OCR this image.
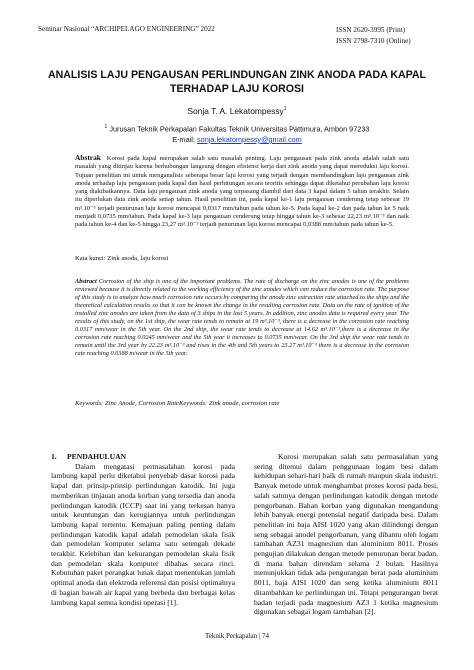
Seminar Nasional “ARCHIPELAGO ENGINEERING” 2022	ISSN 2620-3995 (Print)
ISSN 2798-7310 (Online)
ANALISIS LAJU PENGAUSAN PERLINDUNGAN ZINK ANODA PADA KAPAL
TERHADAP LAJU KOROSI
Sonja T. A. Lekatompessy$^1$
$^1$ Jurusan Teknik Perkapalan Fakultas Teknik Universitas Pattimura, Ambon 97233
E-mail: sonja.lekatompessy@gmail.com
Abstrak Korosi pada kapal merupakan salah satu masalah penting. Laju pengausan pada zink anoda adalah salah satu masalah yang ditinjau karena berhubungan langsung dengan efisiensi kerja dari zink anoda yang dapat mereduksi laju korosi. Tujuan penelitian ini untuk menganalisis seberapa besar laju korosi yang terjadi dengan membandingkan laju pengausan zink anoda terhadap laju pengausan pada kapal dan hasil perhitungan secara teoritis sehingga dapat diketahui perubahan laju korosi yang diakibatkannya. Data laju pengausan zink anoda yang terpasang diambil dari data 3 kapal dalam 5 tahun terakhir. Selain itu diperlukan data zink anoda setiap tahun. Hasil penelitian ini, pada kapal ke-1 laju pengausan cenderung tetap sebesar 19 m³.10⁻³ terjadi penurunan laju korosi mencapai 0,0317 mm/tahun pada tahun ke-5. Pada kapal ke-2 dan pada tahun ke 5 naik menjadi 0,0735 mm/tahun. Pada kapal ke-3 laju pengausan cenderung tetap hingga tahun ke-3 sebesar 22,23 m³.10⁻³ dan naik pada tahun ke-4 dan ke-5 hingga 23,27 m³.10⁻³ terjadi penurunan laju korosi mencapai 0,0388 mm/tahun pada tahun ke-5.
Kata kunci: Zink anoda, laju korosi
Abstract Corrosion of the ship is one of the important problems. The rate of discharge on the zinc anodes is one of the problems reviewed because it is directly related to the working efficiency of the zinc anodes which can reduce the corrosion rate. The purpose of this study is to analyze how much corrosion rate occurs by comparing the anode zinc extraction rate attached to the ships and the theoretical calculation results so that it can be known the change in the resulting corrosion rate. Data on the rate of ignition of the installed zinc anodes are taken from the data of 3 ships in the last 5 years. In addition, zinc anodes data is required every year. The results of this study, on the 1st ship, the wear rate tends to remain at 19 m³.10⁻³, there is a decrease in the corrosion rate reaching 0.0317 mm/wear in the 5th year. On the 2nd ship, the wear rate tends to decrease at 14.62 m³.10⁻³,there is a decrease in the corrosion rate reaching 0.0245 mm/wear and the 5th year it increases to 0.0735 mm/wear. On the 3rd ship the wear rate tends to remain until the 3rd year by 22.23 m³.10⁻³ and rises in the 4th and 5th years to 23.27 m³.10⁻³ there is a decrease in the corrosion rate reaching 0.0388 m/wear in the 5th year.
Keywords: Zinc Anode, Corrosion RateKeywords: Zink anode, corrosion rate
1. PENDAHULUAN

Dalam mengatasi permasalahan korosi pada lambung kapal perlu diketahui penyebab dasar korosi pada kapal dan prinsip-prinsip perlindungan katodik. Ini juga memberikan tinjauan anoda korban yang tersedia dan anoda perlindungan katodik (ICCP) saat ini yang terkesan hanya untuk keuntungan dan kerugiannya untuk perlindungan lambung kapal tertentu. Kemajuan paling penting dalam perlindungan katodik kapal adalah pemodelan skala fisik dan pemodelan komputer selama satu setengah dekade terakhir. Kelebihan dan kekurangan pemodelan skala fisik dan pemodelan skala komputer dibahas secara rinci. Kebutuhan paket perangkat lunak dapat menentukan jumlah optimal anoda dan elektroda referensi dan posisi optimalnya di bagian bawah air kapal yang berbeda dan berbagai kelas lambung kapal semua kondisi operasi [1].

Korosi merupakan salah satu permasalahan yang sering ditemui dalam penggunaan logam besi dalam kehidupan sehari-hari baik di rumah maupun skala industri. Banyak metode untuk menghambat proses korosi pada besi, salah satunya dengan perlindungan katodik dengan metode pengorbanan. Bahan korban yang digunakan mengandung lebih banyak energi potensial negatif daripada besi. Dalam penelitian ini baja AISI 1020 yang akan dilindungi dengan seng sebagai anodel pengorbanan, yang dibantu oleh logam tambahan AZ31 magnesium dan aluminium 8011. Proses pengujian dilakukan dengan metode penurunan berat badan, di mana bahan direndam selama 2 bulan. Hasilnya menunjukkan tidak ada pengurangan berat pada aluminium 8011, baja AISI 1020 dan seng ketika aluminium 8011 ditambahkan ke perlindungan ini. Tetapi pengurangan berat badan terjadi pada magnesium AZ3 1 ketika magnesium digunakan sebagai logam tambahan [2].

Teknik Perkapalan | 74
